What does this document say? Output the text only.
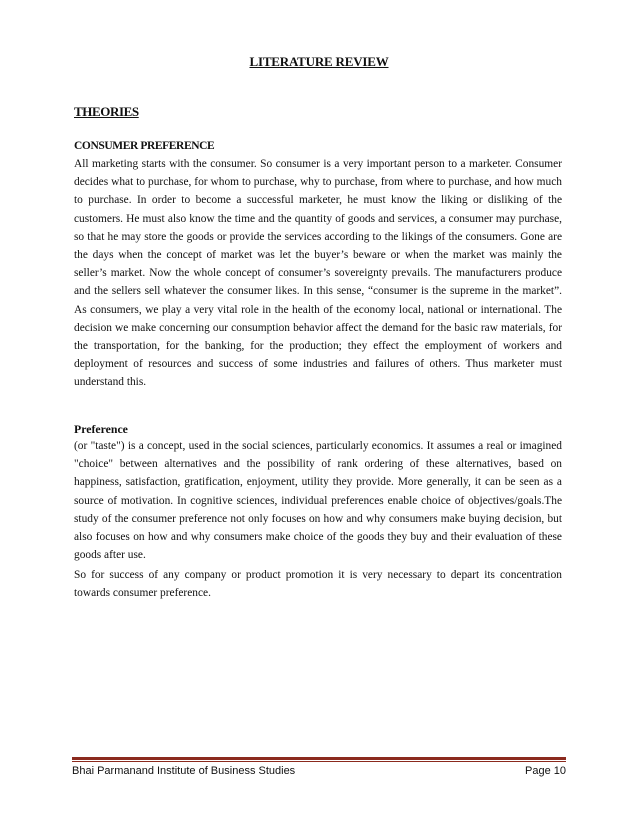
LITERATURE REVIEW
THEORIES
CONSUMER PREFERENCE
All marketing starts with the consumer. So consumer is a very important person to a marketer. Consumer decides what to purchase, for whom to purchase, why to purchase, from where to purchase, and how much to purchase. In order to become a successful marketer, he must know the liking or disliking of the customers. He must also know the time and the quantity of goods and services, a consumer may purchase, so that he may store the goods or provide the services according to the likings of the consumers. Gone are the days when the concept of market was let the buyer’s beware or when the market was mainly the seller’s market. Now the whole concept of consumer’s sovereignty prevails. The manufacturers produce and the sellers sell whatever the consumer likes. In this sense, “consumer is the supreme in the market”. As consumers, we play a very vital role in the health of the economy local, national or international. The decision we make concerning our consumption behavior affect the demand for the basic raw materials, for the transportation, for the banking, for the production; they effect the employment of workers and deployment of resources and success of some industries and failures of others. Thus marketer must understand this.
Preference
(or "taste") is a concept, used in the social sciences, particularly economics. It assumes a real or imagined "choice" between alternatives and the possibility of rank ordering of these alternatives, based on happiness, satisfaction, gratification, enjoyment, utility they provide. More generally, it can be seen as a source of motivation. In cognitive sciences, individual preferences enable choice of objectives/goals.The study of the consumer preference not only focuses on how and why consumers make buying decision, but also focuses on how and why consumers make choice of the goods they buy and their evaluation of these goods after use.
So for success of any company or product promotion it is very necessary to depart its concentration towards consumer preference.
Bhai Parmanand Institute of Business Studies	Page 10
